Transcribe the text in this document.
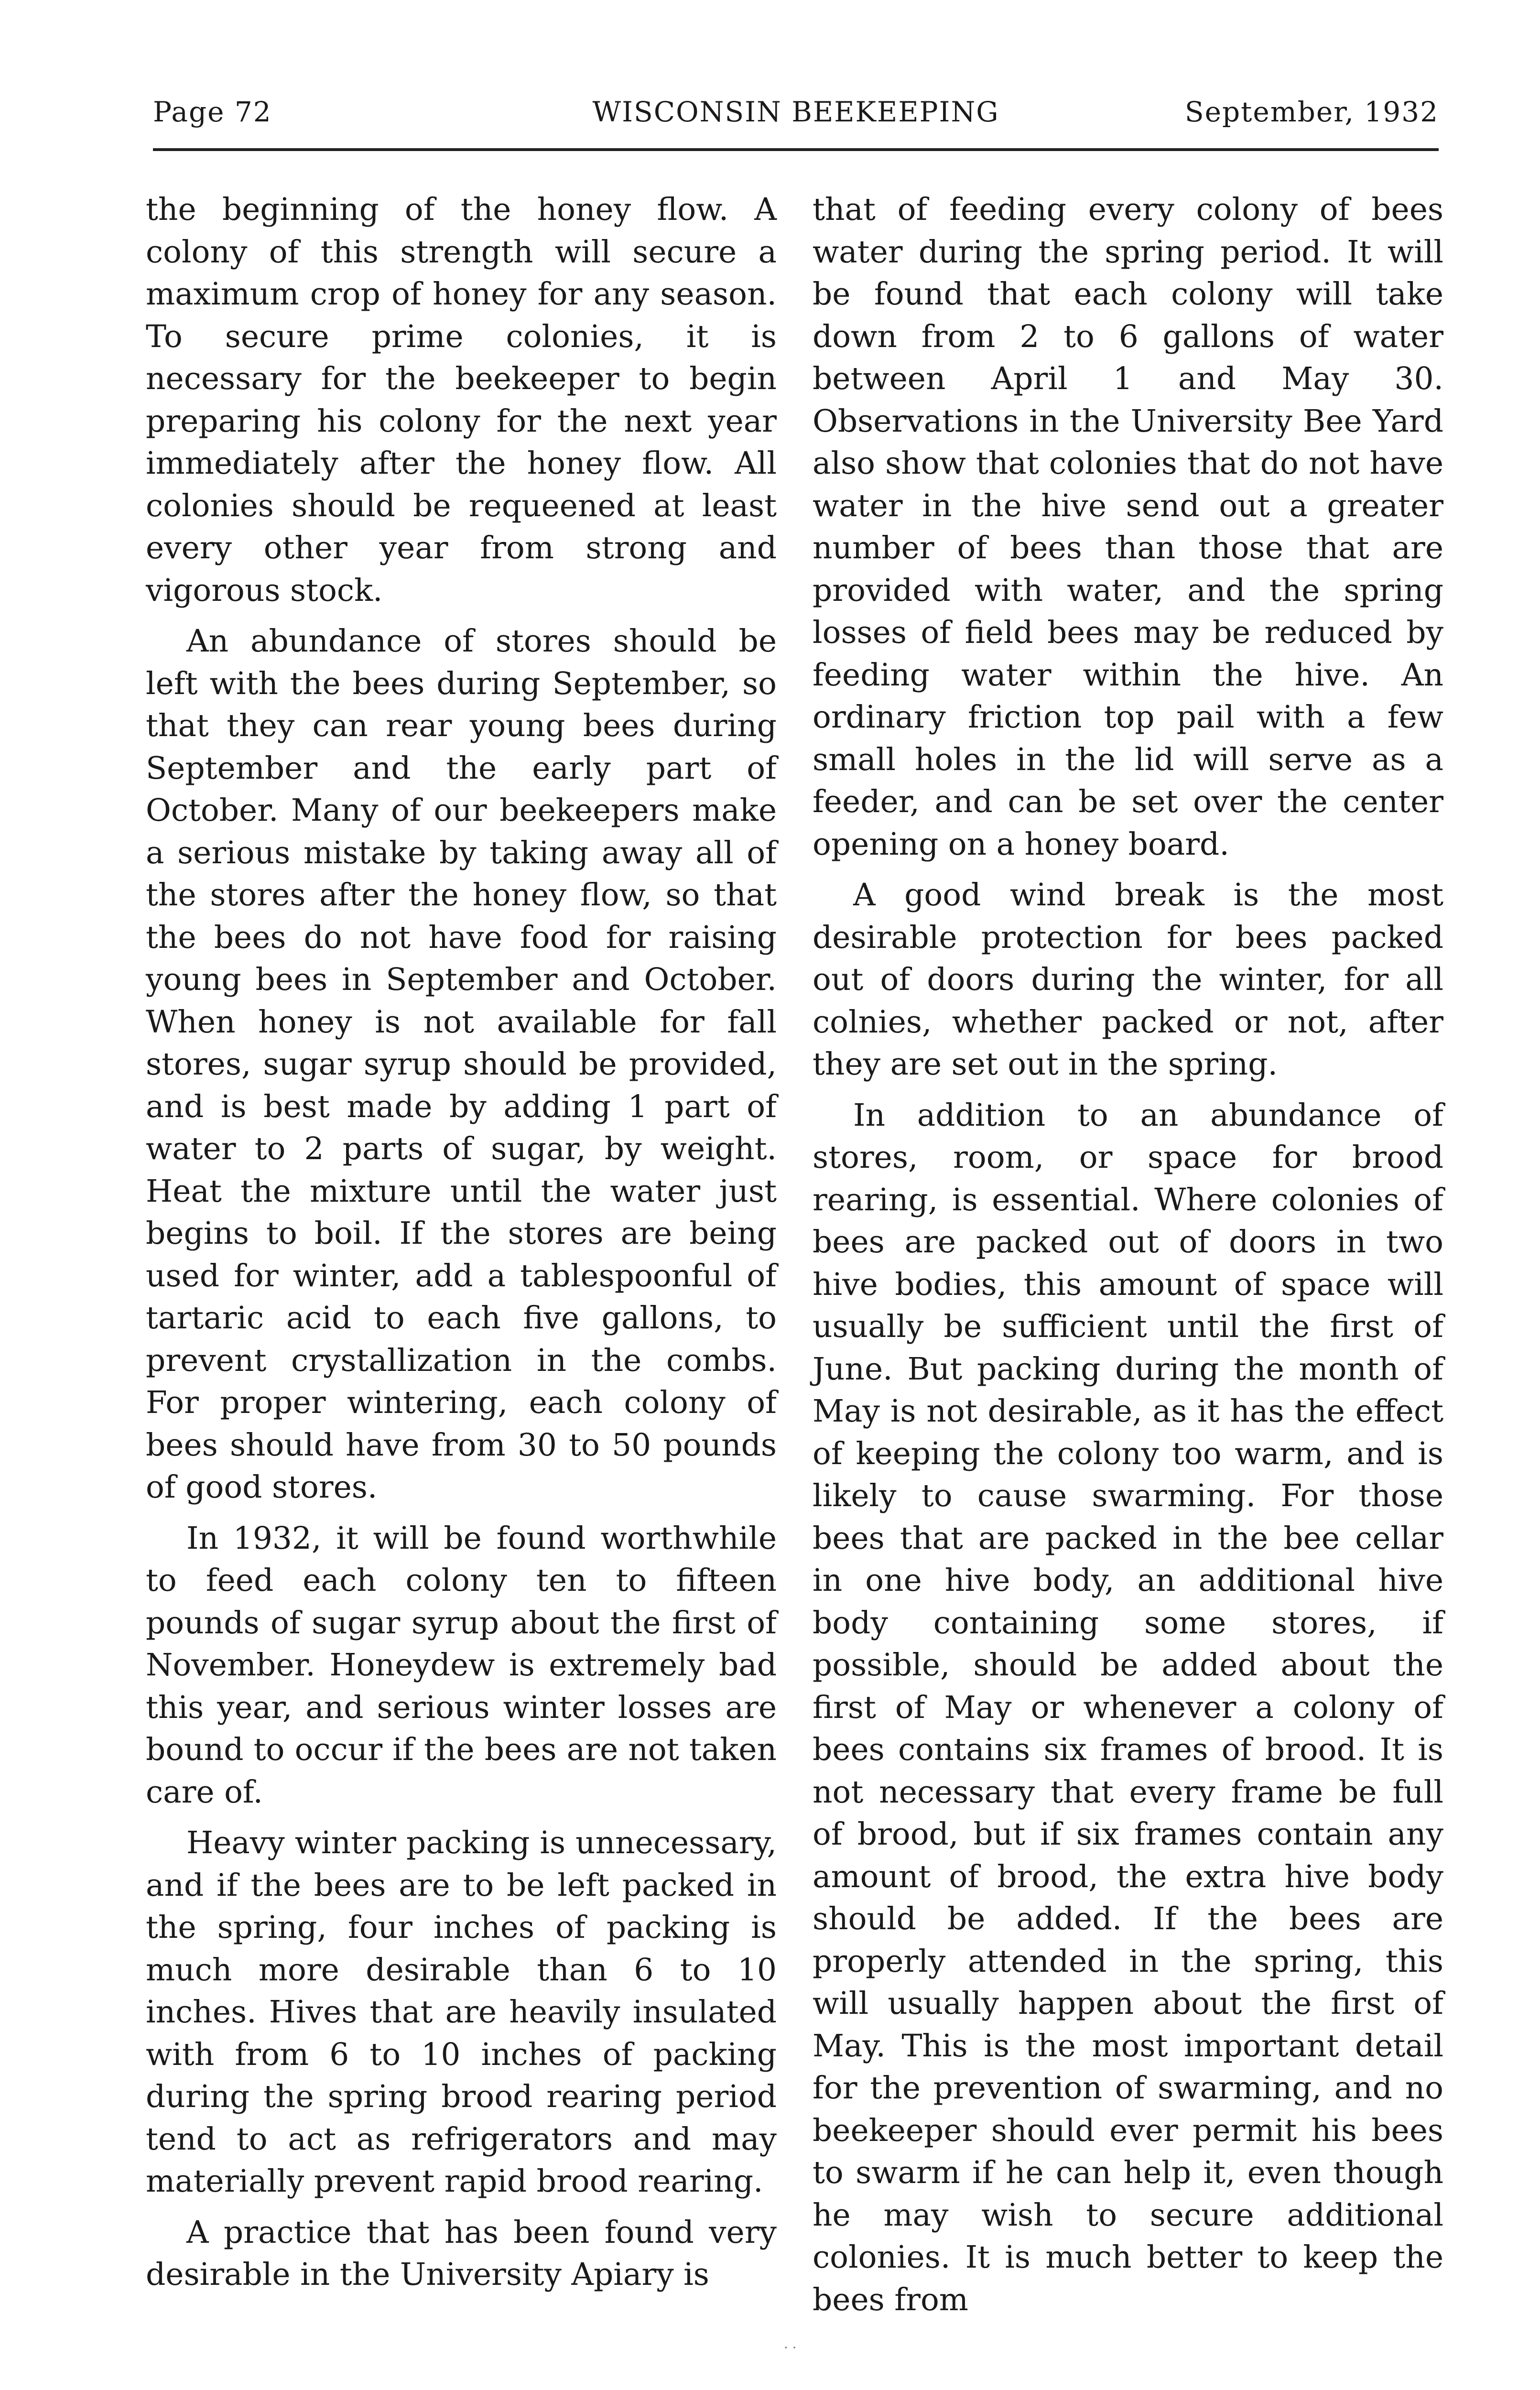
Page 72	WISCONSIN BEEKEEPING	September, 1932

the beginning of the honey flow. A colony of this strength will secure a maximum crop of honey for any season. To secure prime colonies, it is necessary for the beekeeper to begin preparing his colony for the next year immediately after the honey flow. All colonies should be requeened at least every other year from strong and vigorous stock.

An abundance of stores should be left with the bees during September, so that they can rear young bees during September and the early part of October. Many of our beekeepers make a serious mistake by taking away all of the stores after the honey flow, so that the bees do not have food for raising young bees in September and October. When honey is not available for fall stores, sugar syrup should be provided, and is best made by adding 1 part of water to 2 parts of sugar, by weight. Heat the mixture until the water just begins to boil. If the stores are being used for winter, add a tablespoonful of tartaric acid to each five gallons, to prevent crystallization in the combs. For proper wintering, each colony of bees should have from 30 to 50 pounds of good stores.

In 1932, it will be found worthwhile to feed each colony ten to fifteen pounds of sugar syrup about the first of November. Honeydew is extremely bad this year, and serious winter losses are bound to occur if the bees are not taken care of.

Heavy winter packing is unnecessary, and if the bees are to be left packed in the spring, four inches of packing is much more desirable than 6 to 10 inches. Hives that are heavily insulated with from 6 to 10 inches of packing during the spring brood rearing period tend to act as refrigerators and may materially prevent rapid brood rearing.

A practice that has been found very desirable in the University Apiary is

that of feeding every colony of bees water during the spring period. It will be found that each colony will take down from 2 to 6 gallons of water between April 1 and May 30. Observations in the University Bee Yard also show that colonies that do not have water in the hive send out a greater number of bees than those that are provided with water, and the spring losses of field bees may be reduced by feeding water within the hive. An ordinary friction top pail with a few small holes in the lid will serve as a feeder, and can be set over the center opening on a honey board.

A good wind break is the most desirable protection for bees packed out of doors during the winter, for all colnies, whether packed or not, after they are set out in the spring.

In addition to an abundance of stores, room, or space for brood rearing, is essential. Where colonies of bees are packed out of doors in two hive bodies, this amount of space will usually be sufficient until the first of June. But packing during the month of May is not desirable, as it has the effect of keeping the colony too warm, and is likely to cause swarming. For those bees that are packed in the bee cellar in one hive body, an additional hive body containing some stores, if possible, should be added about the first of May or whenever a colony of bees contains six frames of brood. It is not necessary that every frame be full of brood, but if six frames contain any amount of brood, the extra hive body should be added. If the bees are properly attended in the spring, this will usually happen about the first of May. This is the most important detail for the prevention of swarming, and no beekeeper should ever permit his bees to swarm if he can help it, even though he may wish to secure additional colonies. It is much better to keep the bees from

· ·
